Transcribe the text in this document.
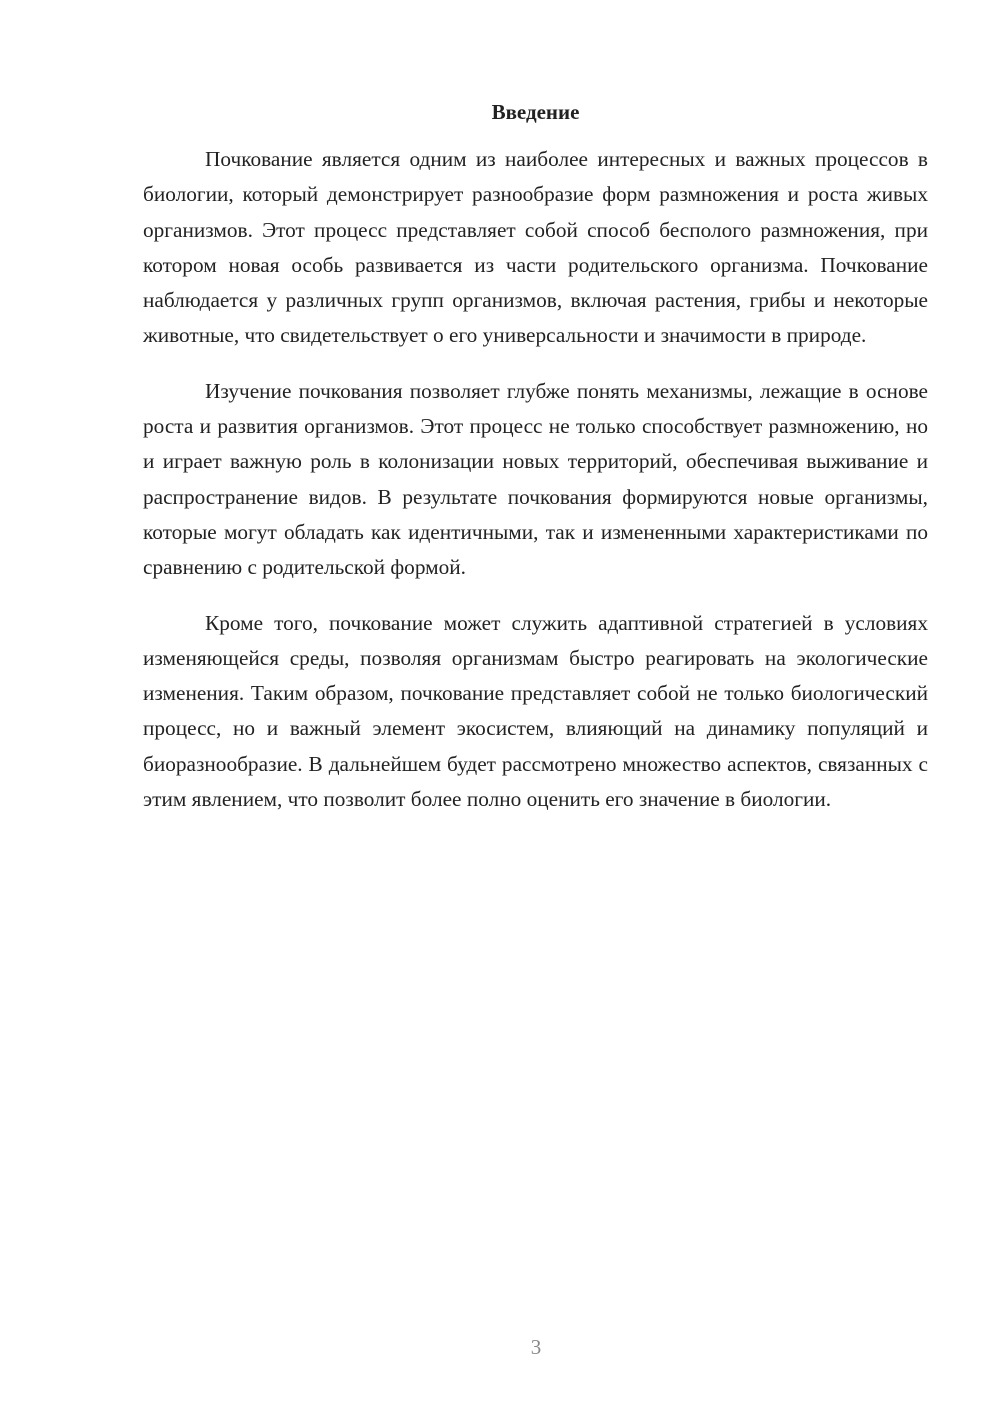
Введение

Почкование является одним из наиболее интересных и важных процессов в биологии, который демонстрирует разнообразие форм размножения и роста живых организмов. Этот процесс представляет собой способ бесполого размножения, при котором новая особь развивается из части родительского организма. Почкование наблюдается у различных групп организмов, включая растения, грибы и некоторые животные, что свидетельствует о его универсальности и значимости в природе.

Изучение почкования позволяет глубже понять механизмы, лежащие в основе роста и развития организмов. Этот процесс не только способствует размножению, но и играет важную роль в колонизации новых территорий, обеспечивая выживание и распространение видов. В результате почкования формируются новые организмы, которые могут обладать как идентичными, так и измененными характеристиками по сравнению с родительской формой.

Кроме того, почкование может служить адаптивной стратегией в условиях изменяющейся среды, позволяя организмам быстро реагировать на экологические изменения. Таким образом, почкование представляет собой не только биологический процесс, но и важный элемент экосистем, влияющий на динамику популяций и биоразнообразие. В дальнейшем будет рассмотрено множество аспектов, связанных с этим явлением, что позволит более полно оценить его значение в биологии.

3
